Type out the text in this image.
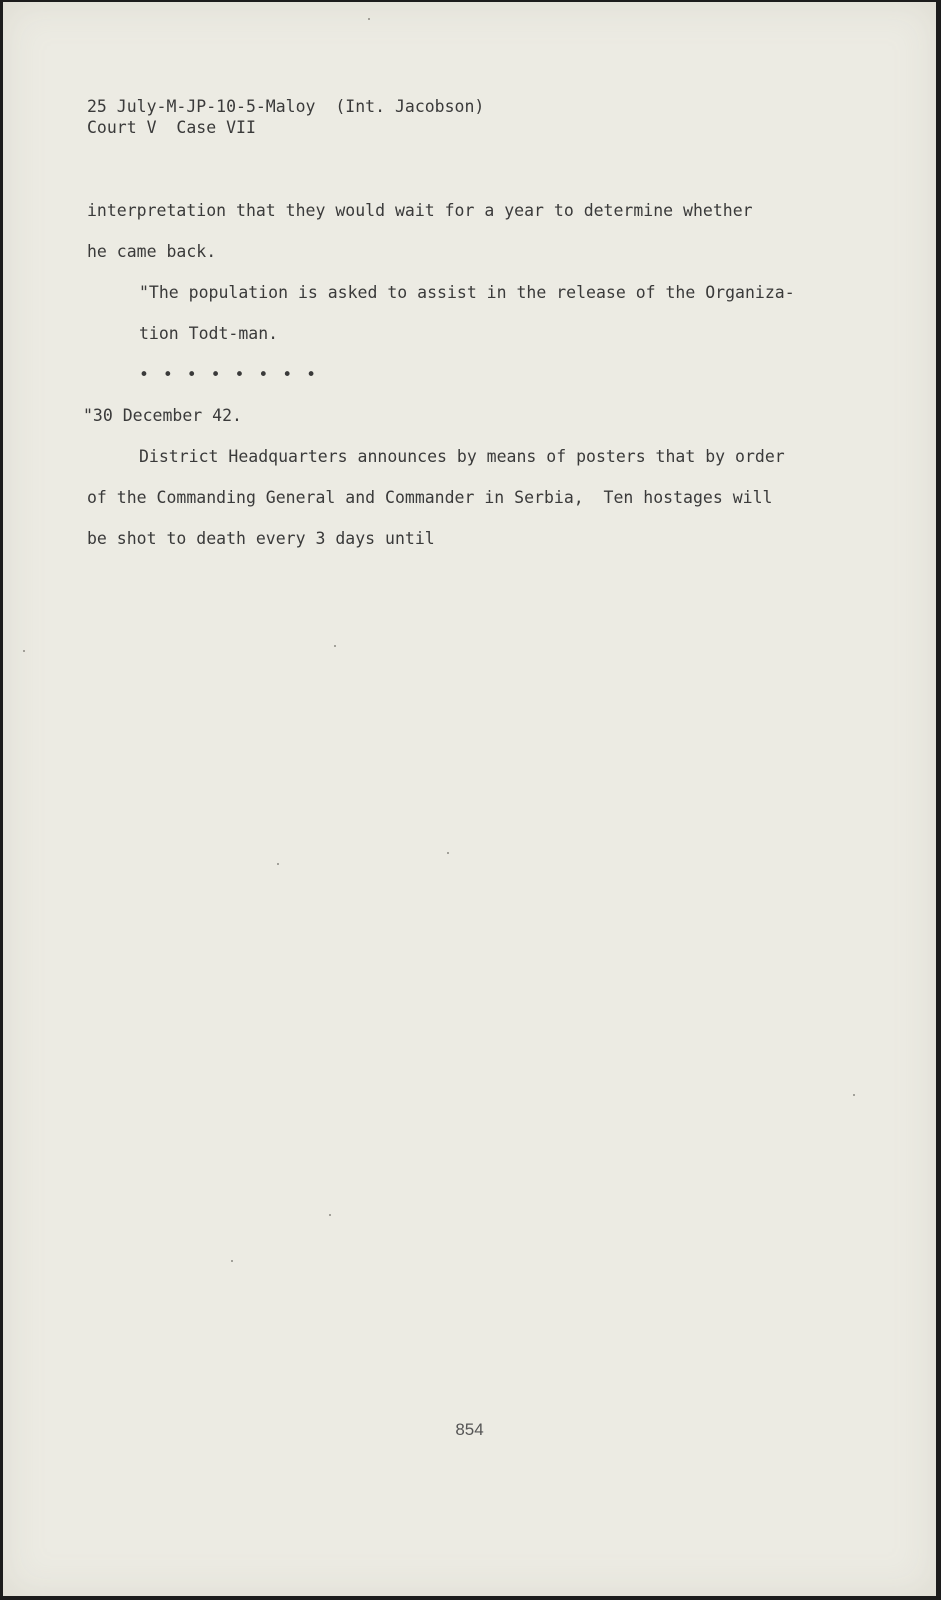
25 July-M-JP-10-5-Maloy  (Int. Jacobson)
Court V  Case VII
interpretation that they would wait for a year to determine whether
he came back.
"The population is asked to assist in the release of the Organiza-
tion Todt-man.
• • • • • • • •
"30 December 42.
District Headquarters announces by means of posters that by order
of the Commanding General and Commander in Serbia,  Ten hostages will
be shot to death every 3 days until
854
